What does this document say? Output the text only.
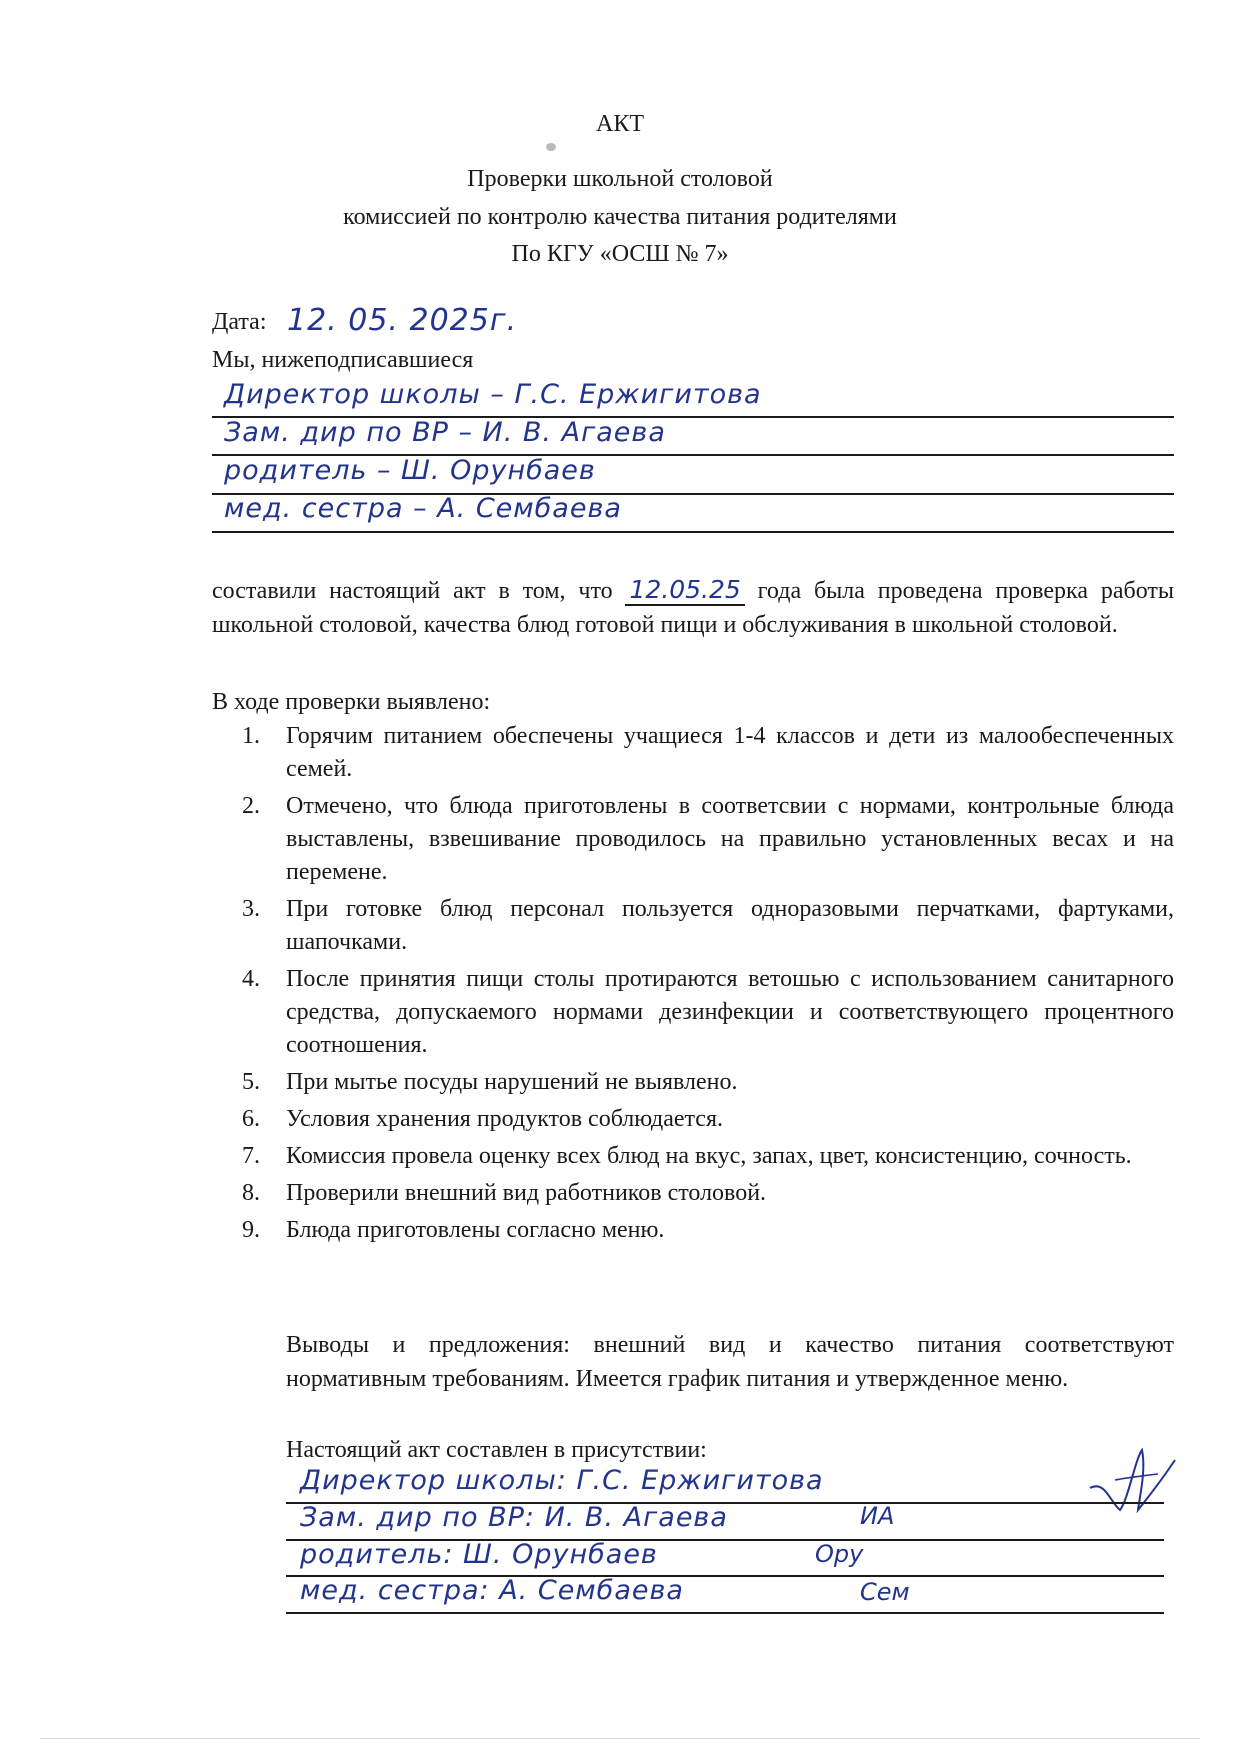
АКТ
Проверки школьной столовой
комиссией по контролю качества питания родителями
По КГУ «ОСШ № 7»
Дата: 12. 05. 2025г.
Мы, нижеподписавшиеся
Директор школы – Г.С. Ержигитова
Зам. дир по ВР – И. В. Агаева
родитель – Ш. Орунбаев
мед. сестра – А. Сембаева
составили настоящий акт в том, что 12.05.25 года была проведена проверка работы школьной столовой, качества блюд готовой пищи и обслуживания в школьной столовой.
В ходе проверки выявлено:
1. Горячим питанием обеспечены учащиеся 1-4 классов и дети из малообеспеченных семей.
2. Отмечено, что блюда приготовлены в соответсвии с нормами, контрольные блюда выставлены, взвешивание проводилось на правильно установленных весах и на перемене.
3. При готовке блюд персонал пользуется одноразовыми перчатками, фартуками, шапочками.
4. После принятия пищи столы протираются ветошью с использованием санитарного средства, допускаемого нормами дезинфекции и соответствующего процентного соотношения.
5. При мытье посуды нарушений не выявлено.
6. Условия хранения продуктов соблюдается.
7. Комиссия провела оценку всех блюд на вкус, запах, цвет, консистенцию, сочность.
8. Проверили внешний вид работников столовой.
9. Блюда приготовлены согласно меню.
Выводы и предложения: внешний вид и качество питания соответствуют нормативным требованиям. Имеется график питания и утвержденное меню.
Настоящий акт составлен в присутствии:
Директор школы: Г.С. Ержигитова
Зам. дир по ВР: И. В. Агаева	ИА
родитель: Ш. Орунбаев	Ору
мед. сестра: А. Сембаева	Сем
